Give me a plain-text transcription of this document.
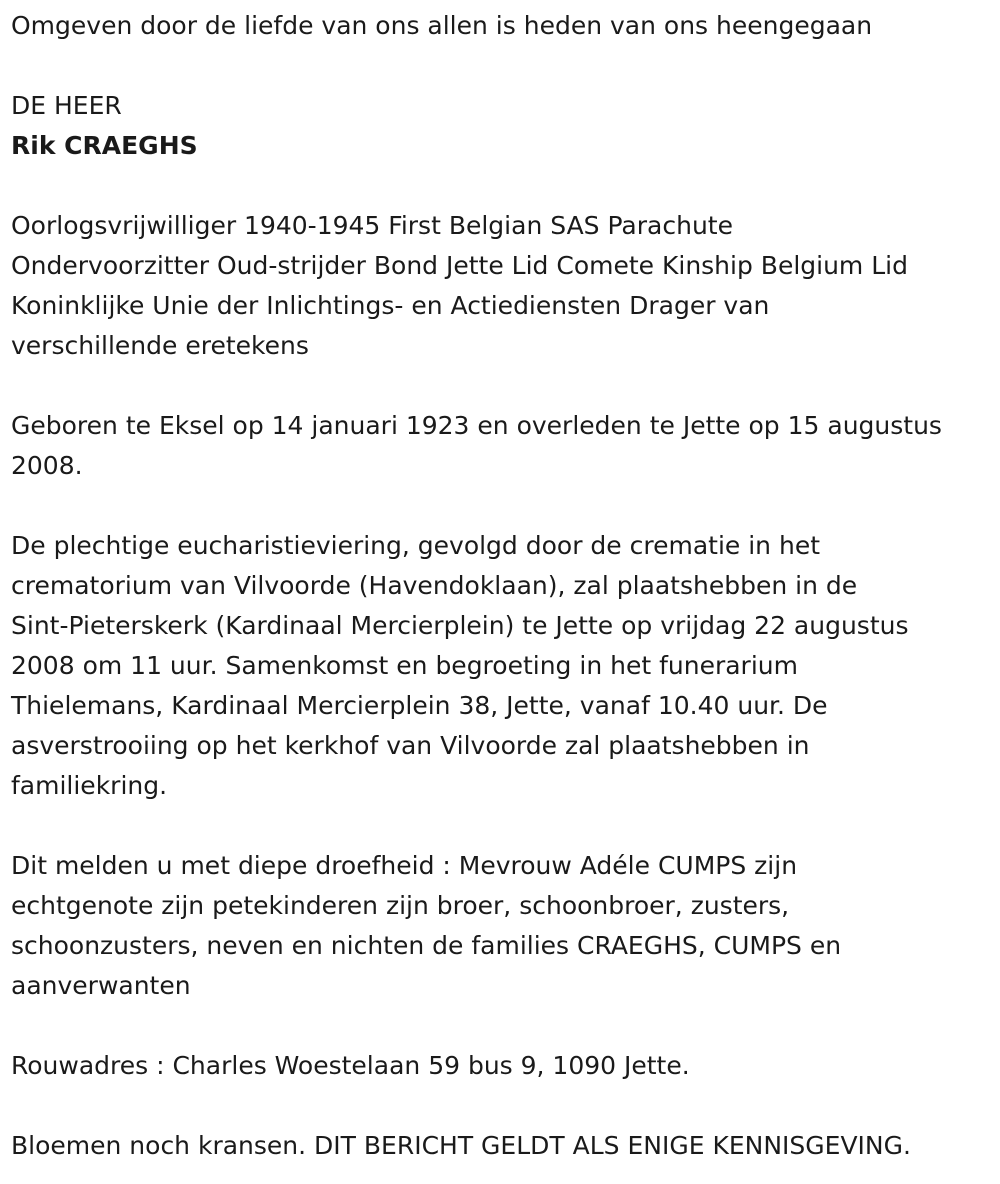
Omgeven door de liefde van ons allen is heden van ons heengegaan
DE HEER
Rik CRAEGHS
Oorlogsvrijwilliger 1940-1945 First Belgian SAS Parachute
Ondervoorzitter Oud-strijder Bond Jette Lid Comete Kinship Belgium Lid
Koninklijke Unie der Inlichtings- en Actiediensten Drager van
verschillende eretekens
Geboren te Eksel op 14 januari 1923 en overleden te Jette op 15 augustus
2008.
De plechtige eucharistieviering, gevolgd door de crematie in het
crematorium van Vilvoorde (Havendoklaan), zal plaatshebben in de
Sint-Pieterskerk (Kardinaal Mercierplein) te Jette op vrijdag 22 augustus
2008 om 11 uur. Samenkomst en begroeting in het funerarium
Thielemans, Kardinaal Mercierplein 38, Jette, vanaf 10.40 uur. De
asverstrooiing op het kerkhof van Vilvoorde zal plaatshebben in
familiekring.
Dit melden u met diepe droefheid : Mevrouw Adéle CUMPS zijn
echtgenote zijn petekinderen zijn broer, schoonbroer, zusters,
schoonzusters, neven en nichten de families CRAEGHS, CUMPS en
aanverwanten
Rouwadres : Charles Woestelaan 59 bus 9, 1090 Jette.
Bloemen noch kransen. DIT BERICHT GELDT ALS ENIGE KENNISGEVING.
